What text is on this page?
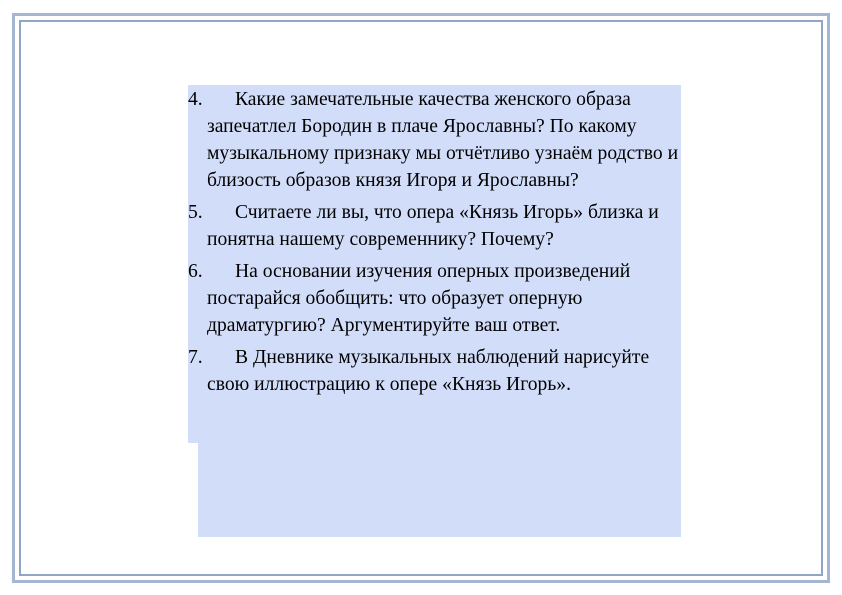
4.	Какие замечательные качества женского образа запечатлел Бородин в плаче Ярославны? По какому музыкальному признаку мы отчётливо узнаём родство и близость образов князя Игоря и Ярославны?
5.	Считаете ли вы, что опера «Князь Игорь» близка и понятна нашему современнику? Почему?
6.	На основании изучения оперных произведений постарайся обобщить: что образует оперную драматургию? Аргументируйте ваш ответ.
7.	В Дневнике музыкальных наблюдений нарисуйте свою иллюстрацию к опере «Князь Игорь».
